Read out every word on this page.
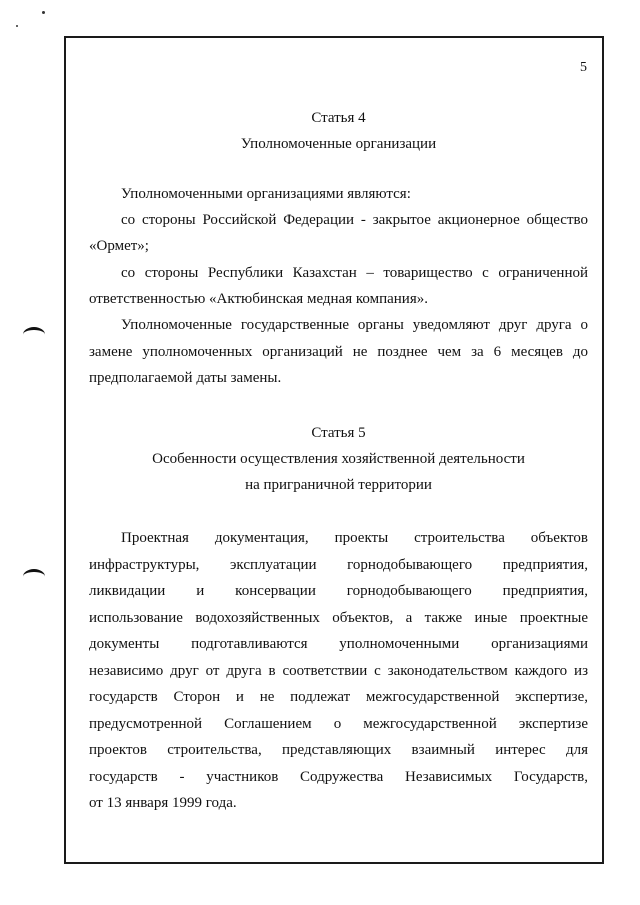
5
Статья 4
Уполномоченные организации
Уполномоченными организациями являются:
со стороны Российской Федерации - закрытое акционерное общество
«Ормет»;
со стороны Республики Казахстан – товарищество с ограниченной
ответственностью «Актюбинская медная компания».
Уполномоченные государственные органы уведомляют друг друга о
замене уполномоченных организаций не позднее чем за 6 месяцев до
предполагаемой даты замены.
Статья 5
Особенности осуществления хозяйственной деятельности
на приграничной территории
Проектная документация, проекты строительства объектов
инфраструктуры, эксплуатации горнодобывающего предприятия,
ликвидации и консервации горнодобывающего предприятия,
использование водохозяйственных объектов, а также иные проектные
документы подготавливаются уполномоченными организациями
независимо друг от друга в соответствии с законодательством каждого из
государств Сторон и не подлежат межгосударственной экспертизе,
предусмотренной Соглашением о межгосударственной экспертизе
проектов строительства, представляющих взаимный интерес для
государств - участников Содружества Независимых Государств,
от 13 января 1999 года.
